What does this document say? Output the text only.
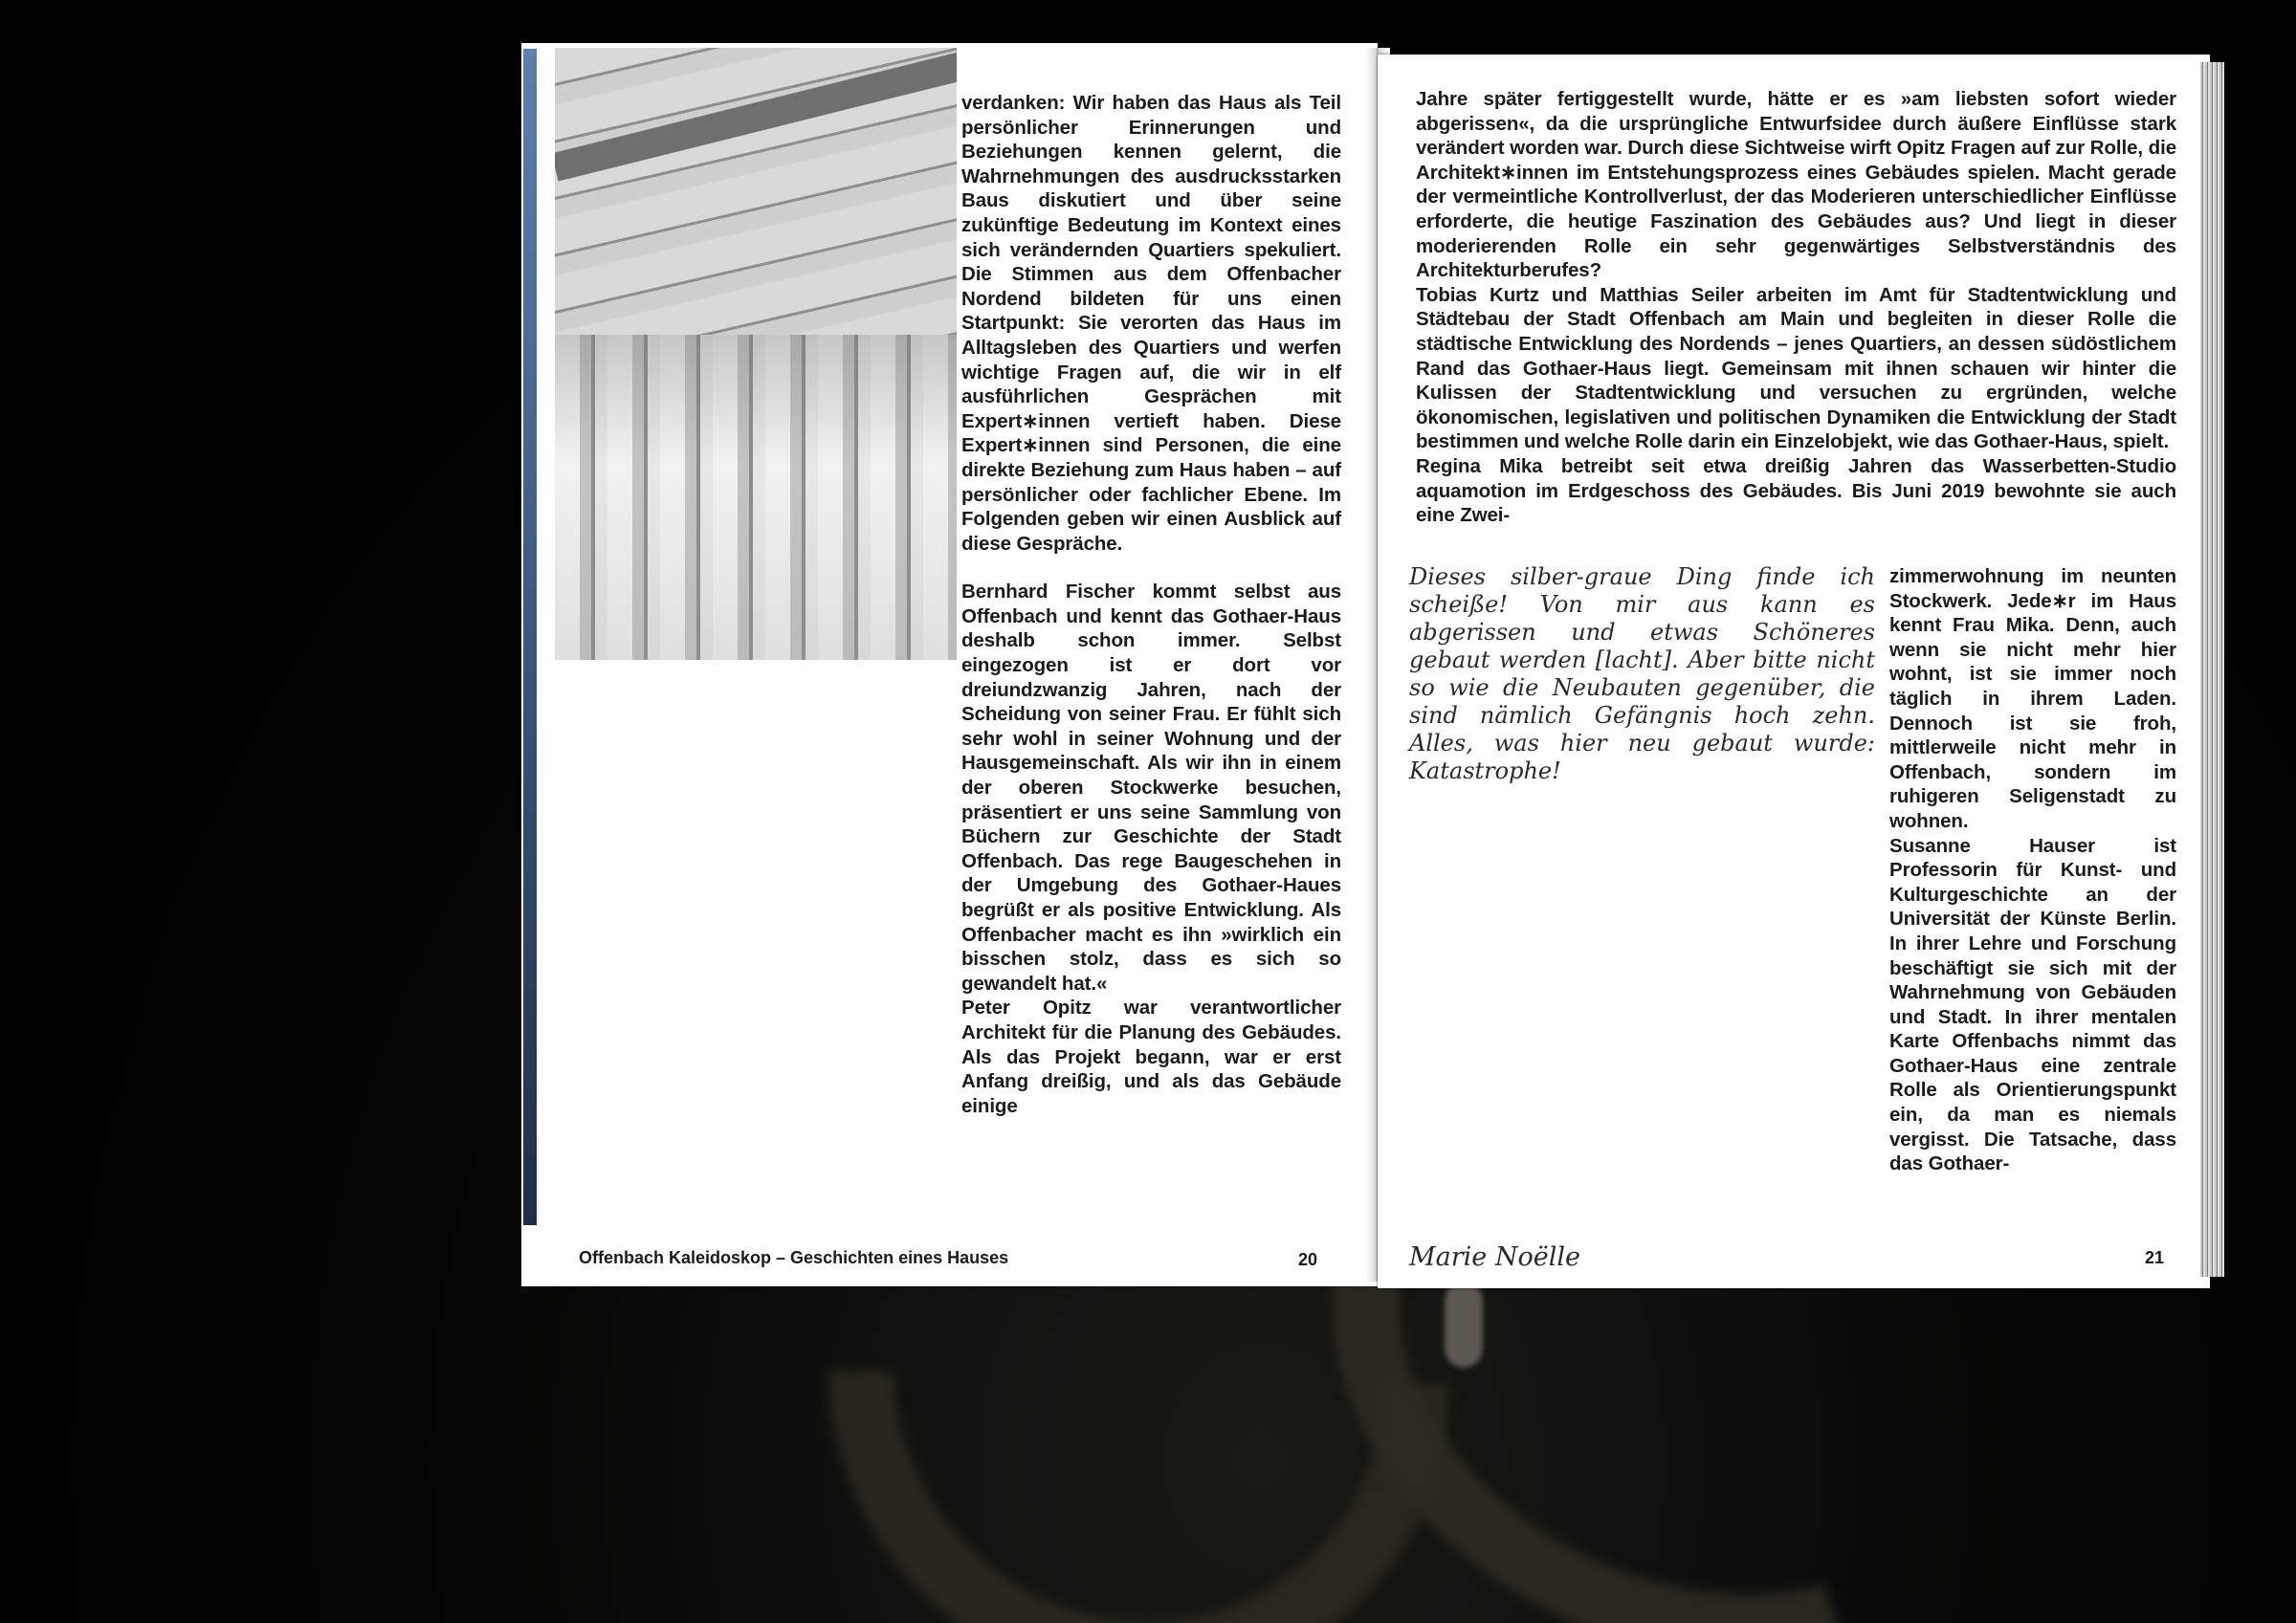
verdanken: Wir haben das Haus als Teil persönlicher Erinnerungen und Beziehungen kennen gelernt, die Wahrnehmungen des ausdrucksstarken Baus diskutiert und über seine zukünftige Bedeutung im Kontext eines sich verändernden Quartiers spekuliert. Die Stimmen aus dem Offenbacher Nordend bildeten für uns einen Startpunkt: Sie verorten das Haus im Alltagsleben des Quartiers und werfen wichtige Fragen auf, die wir in elf ausführlichen Gesprächen mit Expert∗innen vertieft haben. Diese Expert∗innen sind Personen, die eine direkte Beziehung zum Haus haben – auf persönlicher oder fachlicher Ebene. Im Folgenden geben wir einen Ausblick auf diese Gespräche.

Bernhard Fischer kommt selbst aus Offenbach und kennt das Gothaer-Haus deshalb schon immer. Selbst eingezogen ist er dort vor dreiundzwanzig Jahren, nach der Scheidung von seiner Frau. Er fühlt sich sehr wohl in seiner Wohnung und der Hausgemeinschaft. Als wir ihn in einem der oberen Stockwerke besuchen, präsentiert er uns seine Sammlung von Büchern zur Geschichte der Stadt Offenbach. Das rege Baugeschehen in der Umgebung des Gothaer-Haues begrüßt er als positive Entwicklung. Als Offenbacher macht es ihn »wirklich ein bisschen stolz, dass es sich so gewandelt hat.«

Peter Opitz war verantwortlicher Architekt für die Planung des Gebäudes. Als das Projekt begann, war er erst Anfang dreißig, und als das Gebäude einige

Offenbach Kaleidoskop – Geschichten eines Hauses	20

Jahre später fertiggestellt wurde, hätte er es »am liebsten sofort wieder abgerissen«, da die ursprüngliche Entwurfsidee durch äußere Einflüsse stark verändert worden war. Durch diese Sichtweise wirft Opitz Fragen auf zur Rolle, die Architekt∗innen im Entstehungsprozess eines Gebäudes spielen. Macht gerade der vermeintliche Kontrollverlust, der das Moderieren unterschiedlicher Einflüsse erforderte, die heutige Faszination des Gebäudes aus? Und liegt in dieser moderierenden Rolle ein sehr gegenwärtiges Selbstverständnis des Architekturberufes?

Tobias Kurtz und Matthias Seiler arbeiten im Amt für Stadtentwicklung und Städtebau der Stadt Offenbach am Main und begleiten in dieser Rolle die städtische Entwicklung des Nordends – jenes Quartiers, an dessen südöstlichem Rand das Gothaer-Haus liegt. Gemeinsam mit ihnen schauen wir hinter die Kulissen der Stadtentwicklung und versuchen zu ergründen, welche ökonomischen, legislativen und politischen Dynamiken die Entwicklung der Stadt bestimmen und welche Rolle darin ein Einzelobjekt, wie das Gothaer-Haus, spielt.

Regina Mika betreibt seit etwa dreißig Jahren das Wasserbetten-Studio aquamotion im Erdgeschoss des Gebäudes. Bis Juni 2019 bewohnte sie auch eine Zwei-

Dieses silber-graue Ding finde ich scheiße! Von mir aus kann es abgerissen und etwas Schöneres gebaut werden [lacht]. Aber bitte nicht so wie die Neubauten gegenüber, die sind nämlich Gefängnis hoch zehn. Alles, was hier neu gebaut wurde: Katastrophe!

zimmerwohnung im neunten Stockwerk. Jede∗r im Haus kennt Frau Mika. Denn, auch wenn sie nicht mehr hier wohnt, ist sie immer noch täglich in ihrem Laden. Dennoch ist sie froh, mittlerweile nicht mehr in Offenbach, sondern im ruhigeren Seligenstadt zu wohnen.

Susanne Hauser ist Professorin für Kunst- und Kulturgeschichte an der Universität der Künste Berlin. In ihrer Lehre und Forschung beschäftigt sie sich mit der Wahrnehmung von Gebäuden und Stadt. In ihrer mentalen Karte Offenbachs nimmt das Gothaer-Haus eine zentrale Rolle als Orientierungspunkt ein, da man es niemals vergisst. Die Tatsache, dass das Gothaer-

Marie Noëlle	21
